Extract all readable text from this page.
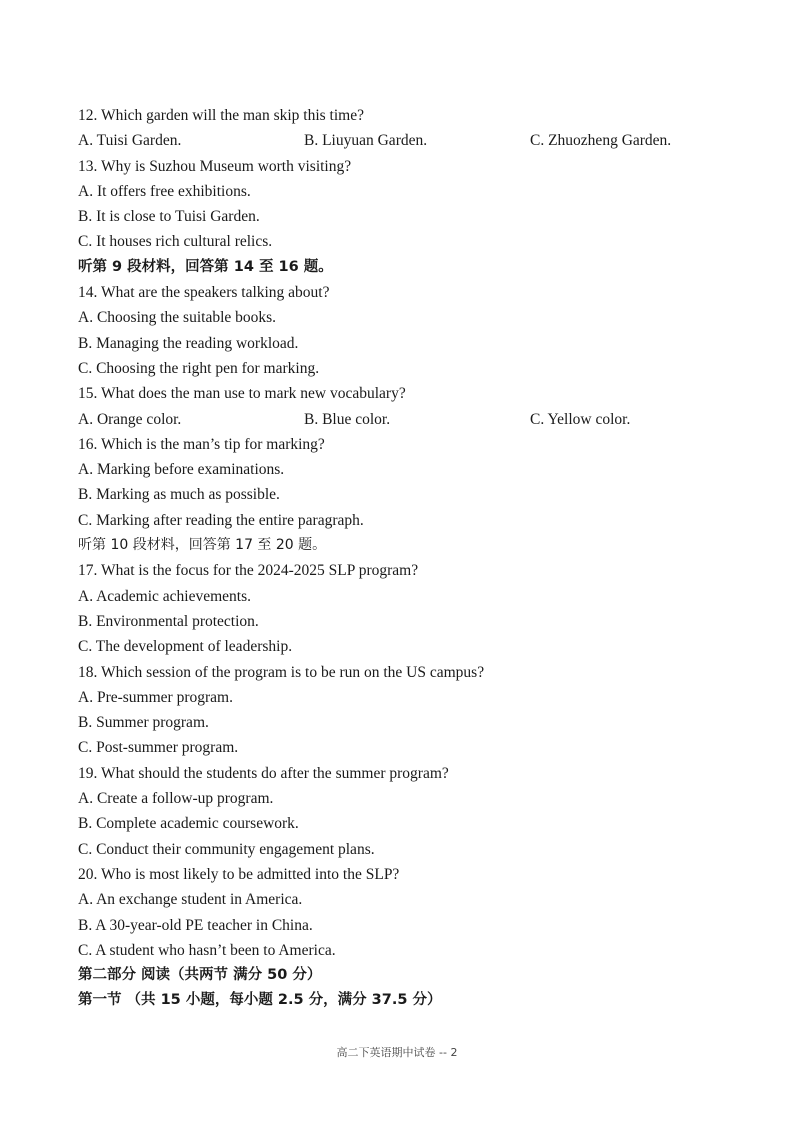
12. Which garden will the man skip this time?
A. Tuisi Garden.	B. Liuyuan Garden.	C. Zhuozheng Garden.
13. Why is Suzhou Museum worth visiting?
A. It offers free exhibitions.
B. It is close to Tuisi Garden.
C. It houses rich cultural relics.
听第 9 段材料，回答第 14 至 16 题。
14. What are the speakers talking about?
A. Choosing the suitable books.
B. Managing the reading workload.
C. Choosing the right pen for marking.
15. What does the man use to mark new vocabulary?
A. Orange color.	B. Blue color.	C. Yellow color.
16. Which is the man’s tip for marking?
A. Marking before examinations.
B. Marking as much as possible.
C. Marking after reading the entire paragraph.
听第 10 段材料，回答第 17 至 20 题。
17. What is the focus for the 2024-2025 SLP program?
A. Academic achievements.
B. Environmental protection.
C. The development of leadership.
18. Which session of the program is to be run on the US campus?
A. Pre-summer program.
B. Summer program.
C. Post-summer program.
19. What should the students do after the summer program?
A. Create a follow-up program.
B. Complete academic coursework.
C. Conduct their community engagement plans.
20. Who is most likely to be admitted into the SLP?
A. An exchange student in America.
B. A 30-year-old PE teacher in China.
C. A student who hasn’t been to America.
第二部分 阅读（共两节 满分 50 分）
第一节 （共 15 小题，每小题 2.5 分，满分 37.5 分）
高二下英语期中试卷 -- 2
